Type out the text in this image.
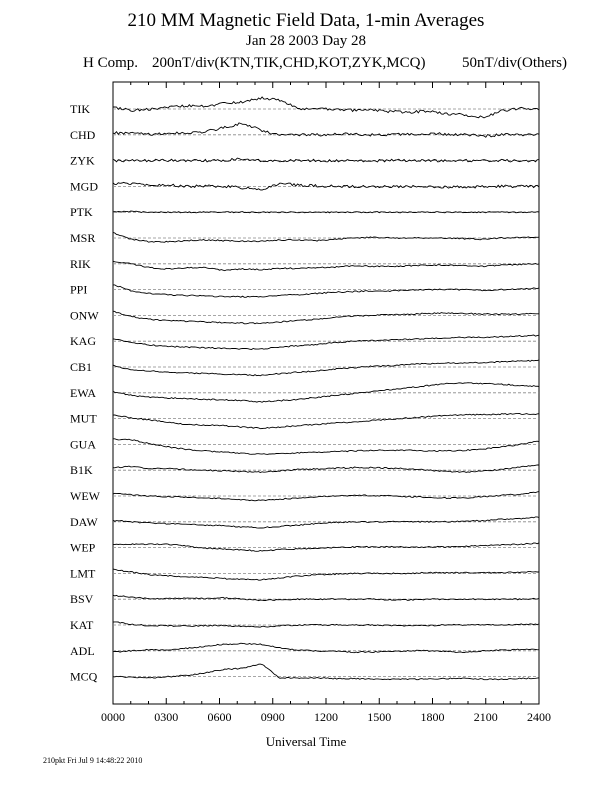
210 MM Magnetic Field Data, 1-min Averages
Jan 28 2003 Day 28
H Comp. 200nT/div(KTN,TIK,CHD,KOT,ZYK,MCQ) 50nT/div(Others)
TIK
CHD
ZYK
MGD
PTK
MSR
RIK
PPI
ONW
KAG
CB1
EWA
MUT
GUA
B1K
WEW
DAW
WEP
LMT
BSV
KAT
ADL
MCQ
0000 0300 0600 0900 1200 1500 1800 2100 2400
Universal Time
210pkt Fri Jul 9 14:48:22 2010
